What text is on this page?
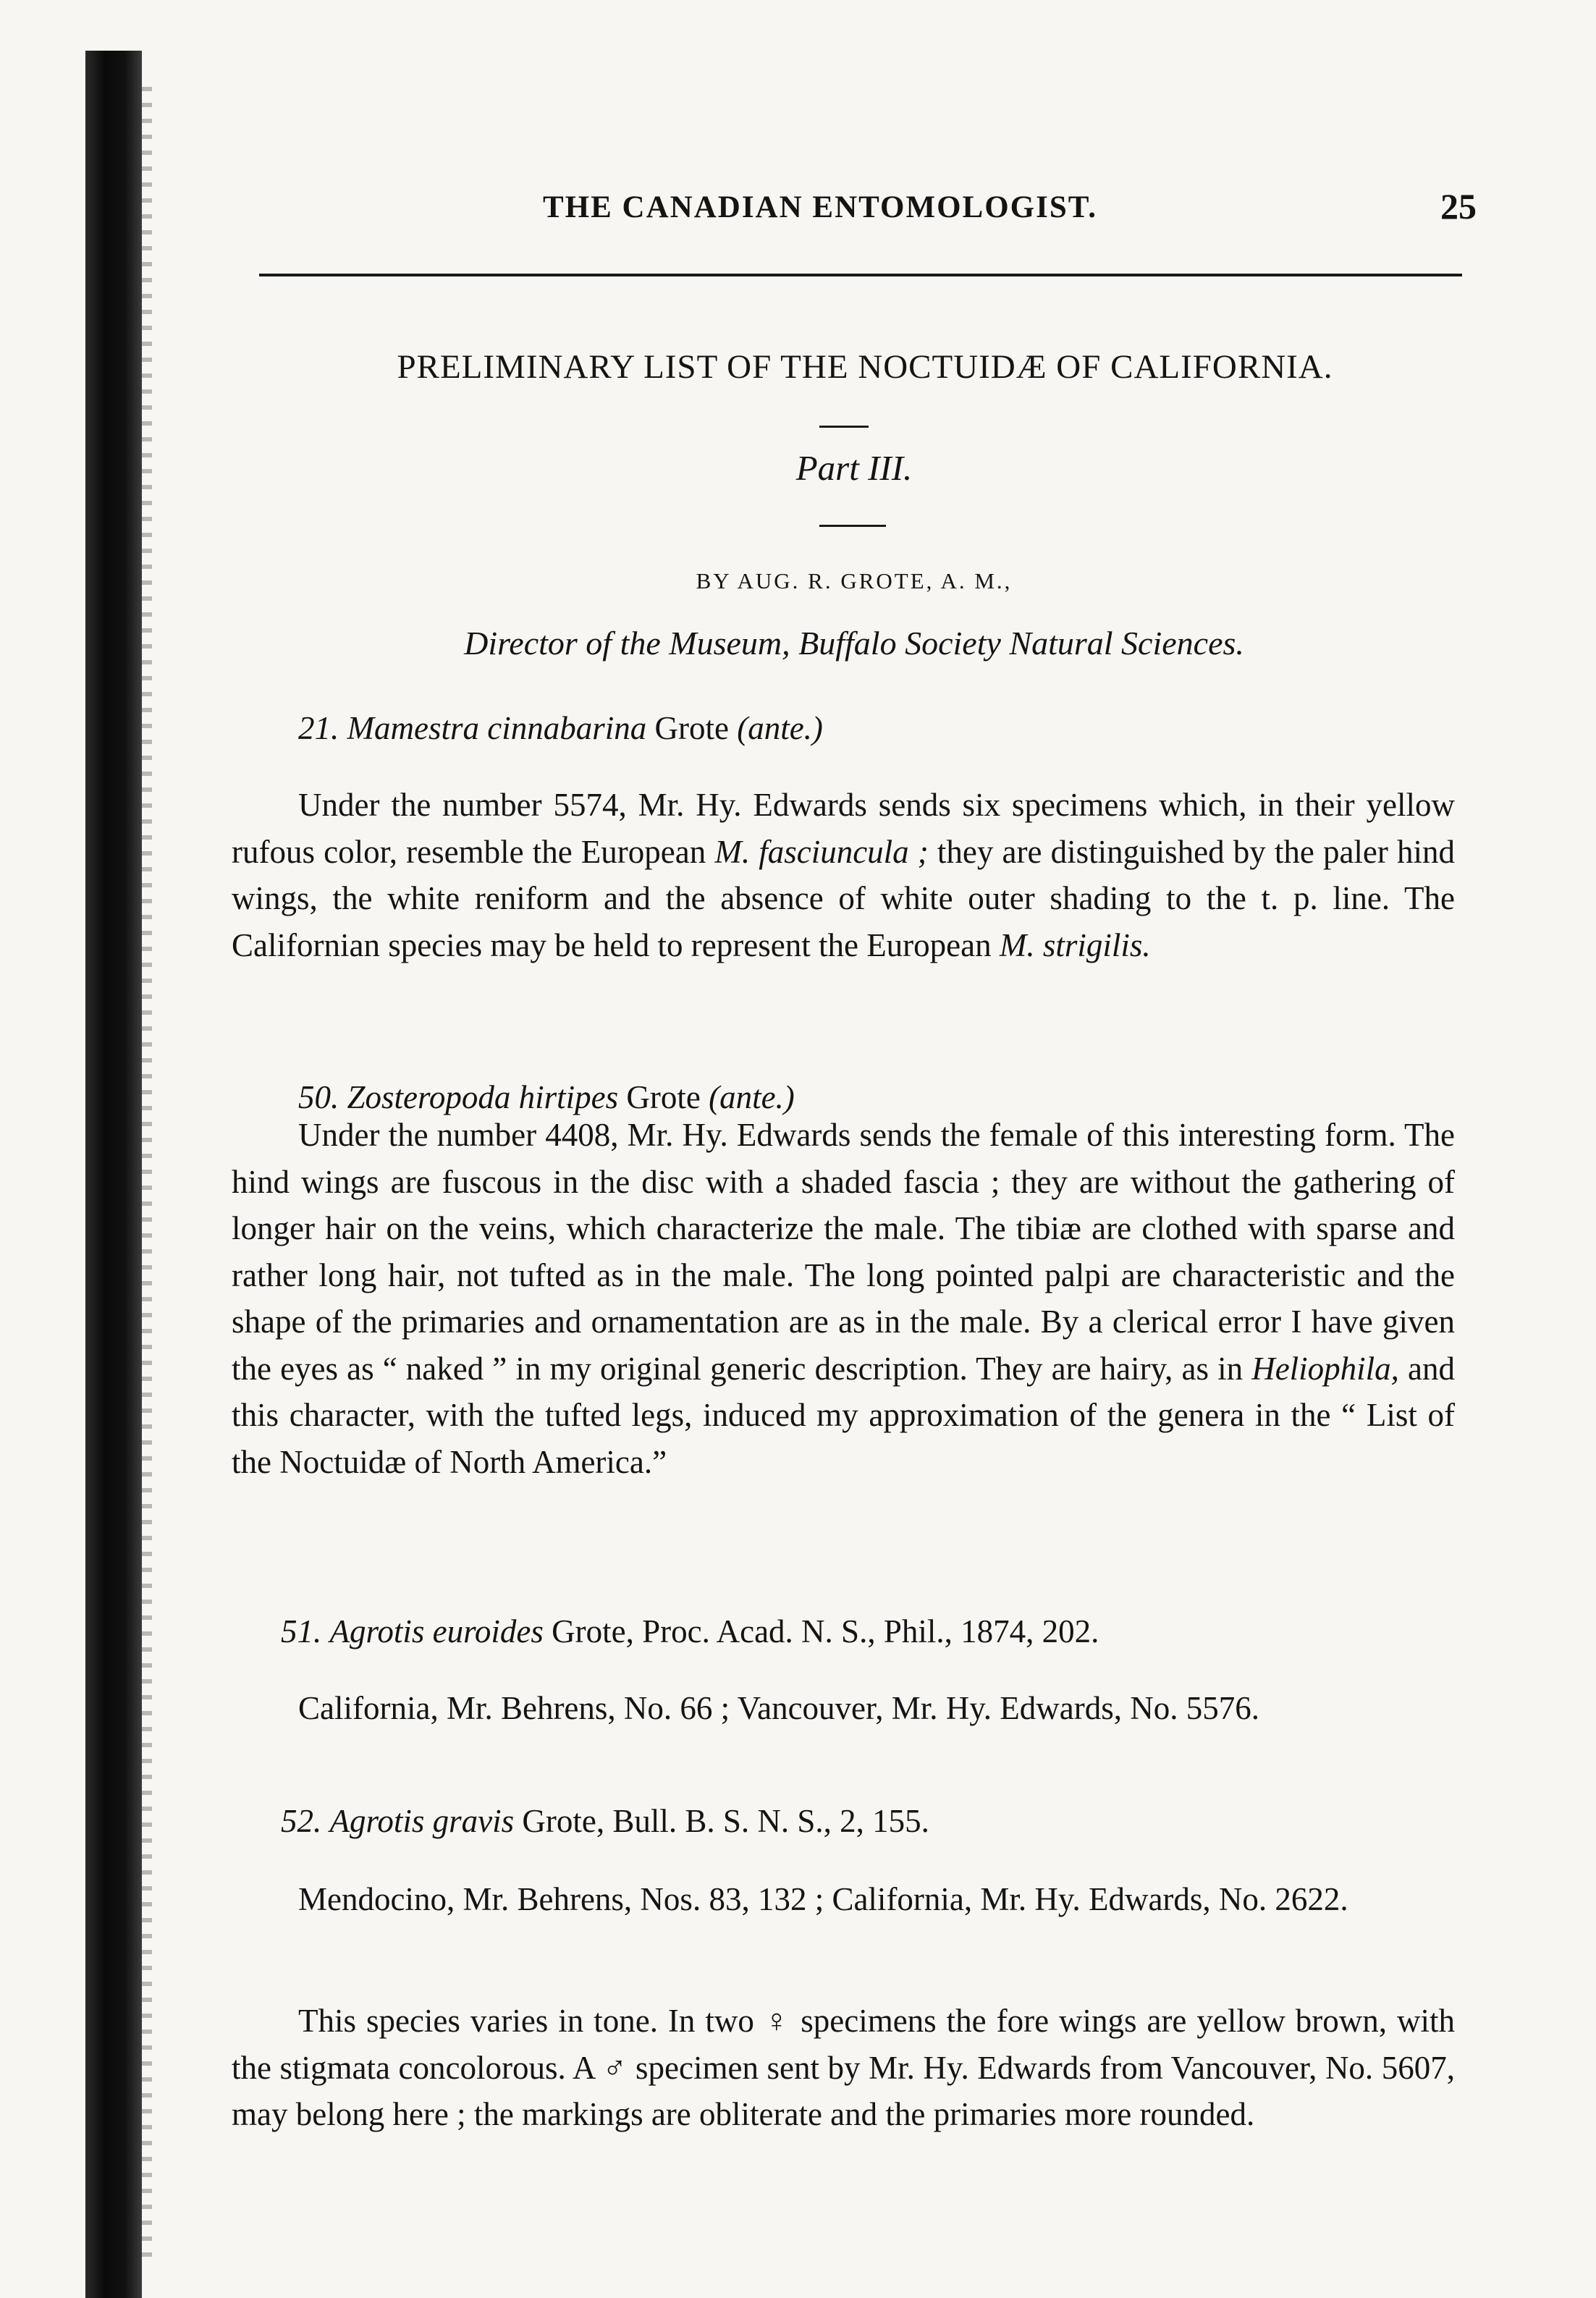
THE CANADIAN ENTOMOLOGIST.	25
PRELIMINARY LIST OF THE NOCTUIDÆ OF CALIFORNIA.
Part III.
BY AUG. R. GROTE, A. M.,
Director of the Museum, Buffalo Society Natural Sciences.
21. Mamestra cinnabarina Grote (ante.)

Under the number 5574, Mr. Hy. Edwards sends six specimens which, in their yellow rufous color, resemble the European M. fasciuncula ; they are distinguished by the paler hind wings, the white reniform and the absence of white outer shading to the t. p. line. The Californian species may be held to represent the European M. strigilis.

50. Zosteropoda hirtipes Grote (ante.)

Under the number 4408, Mr. Hy. Edwards sends the female of this interesting form. The hind wings are fuscous in the disc with a shaded fascia ; they are without the gathering of longer hair on the veins, which characterize the male. The tibiæ are clothed with sparse and rather long hair, not tufted as in the male. The long pointed palpi are characteristic and the shape of the primaries and ornamentation are as in the male. By a clerical error I have given the eyes as “ naked ” in my original generic description. They are hairy, as in Heliophila, and this character, with the tufted legs, induced my approximation of the genera in the “ List of the Noctuidæ of North America.”

51. Agrotis euroides Grote, Proc. Acad. N. S., Phil., 1874, 202.

California, Mr. Behrens, No. 66 ; Vancouver, Mr. Hy. Edwards, No. 5576.

52. Agrotis gravis Grote, Bull. B. S. N. S., 2, 155.

Mendocino, Mr. Behrens, Nos. 83, 132 ; California, Mr. Hy. Edwards, No. 2622.

This species varies in tone. In two ♀ specimens the fore wings are yellow brown, with the stigmata concolorous. A ♂ specimen sent by Mr. Hy. Edwards from Vancouver, No. 5607, may belong here ; the markings are obliterate and the primaries more rounded.
